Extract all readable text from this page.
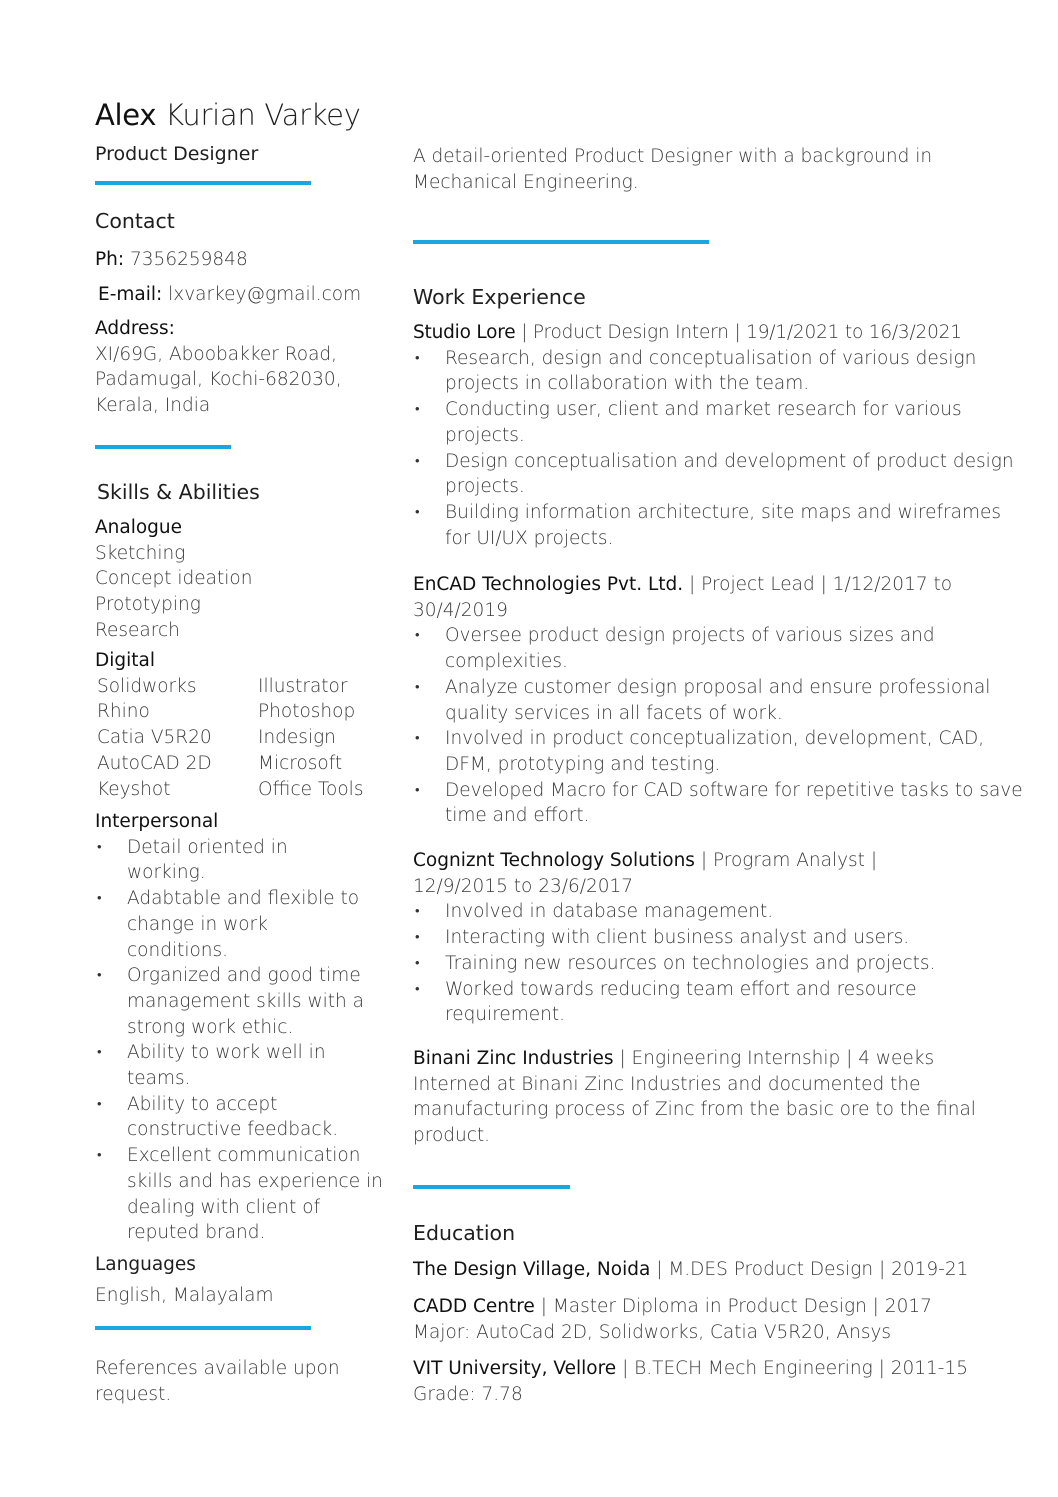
Alex Kurian Varkey
Product Designer	A detail-oriented Product Designer with a background in Mechanical Engineering.
Contact
Ph: 7356259848
E-mail: lxvarkey@gmail.com
Address:
XI/69G, Aboobakker Road,
Padamugal, Kochi-682030,
Kerala, India
Skills & Abilities
Analogue
Sketching
Concept ideation
Prototyping
Research
Digital
Solidworks	Illustrator
Rhino	Photoshop
Catia V5R20	Indesign
AutoCAD 2D	Microsoft
Keyshot	Office Tools
Interpersonal
• Detail oriented in working.
• Adabtable and flexible to change in work conditions.
• Organized and good time management skills with a strong work ethic.
• Ability to work well in teams.
• Ability to accept constructive feedback.
• Excellent communication skills and has experience in dealing with client of reputed brand.
Languages
English, Malayalam
References available upon request.
Work Experience
Studio Lore | Product Design Intern | 19/1/2021 to 16/3/2021
• Research, design and conceptualisation of various design projects in collaboration with the team.
• Conducting user, client and market research for various projects.
• Design conceptualisation and development of product design projects.
• Building information architecture, site maps and wireframes for UI/UX projects.
EnCAD Technologies Pvt. Ltd. | Project Lead | 1/12/2017 to 30/4/2019
• Oversee product design projects of various sizes and complexities.
• Analyze customer design proposal and ensure professional quality services in all facets of work.
• Involved in product conceptualization, development, CAD, DFM, prototyping and testing.
• Developed Macro for CAD software for repetitive tasks to save time and effort.
Cogniznt Technology Solutions | Program Analyst | 12/9/2015 to 23/6/2017
• Involved in database management.
• Interacting with client business analyst and users.
• Training new resources on technologies and projects.
• Worked towards reducing team effort and resource requirement.
Binani Zinc Industries | Engineering Internship | 4 weeks
Interned at Binani Zinc Industries and documented the manufacturing process of Zinc from the basic ore to the final product.
Education
The Design Village, Noida | M.DES Product Design | 2019-21
CADD Centre | Master Diploma in Product Design | 2017
Major: AutoCad 2D, Solidworks, Catia V5R20, Ansys
VIT University, Vellore | B.TECH Mech Engineering | 2011-15
Grade: 7.78
